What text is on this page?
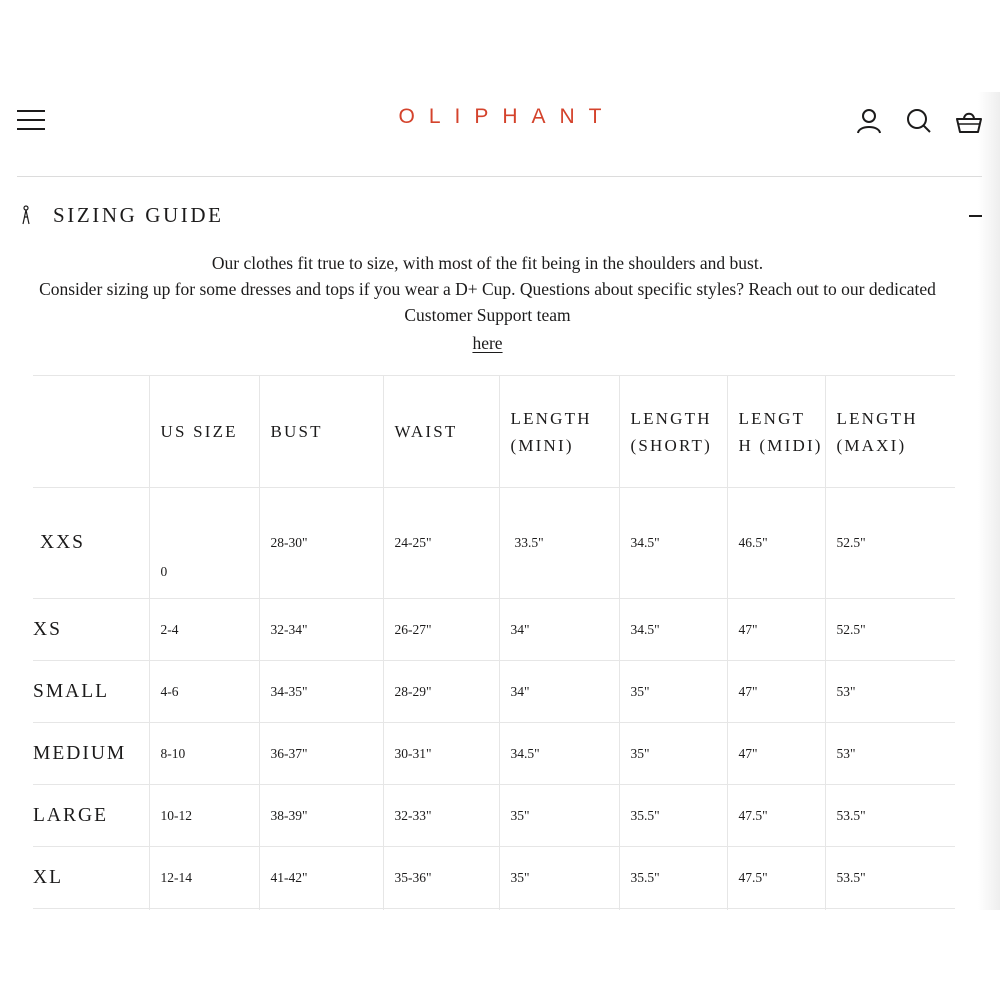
OLIPHANT
SIZING GUIDE

Our clothes fit true to size, with most of the fit being in the shoulders and bust.

Consider sizing up for some dresses and tops if you wear a D+ Cup. Questions about specific styles? Reach out to our dedicated Customer Support team

here
	US SIZE	BUST	WAIST	LENGTH (MINI)	LENGTH (SHORT)	LENGT H (MIDI)	LENGTH (MAXI)
XXS	0	28-30"	24-25"	33.5"	34.5"	46.5"	52.5"
XS	2-4	32-34"	26-27"	34"	34.5"	47"	52.5"
SMALL	4-6	34-35"	28-29"	34"	35"	47"	53"
MEDIUM	8-10	36-37"	30-31"	34.5"	35"	47"	53"
LARGE	10-12	38-39"	32-33"	35"	35.5"	47.5"	53.5"
XL	12-14	41-42"	35-36"	35"	35.5"	47.5"	53.5"
